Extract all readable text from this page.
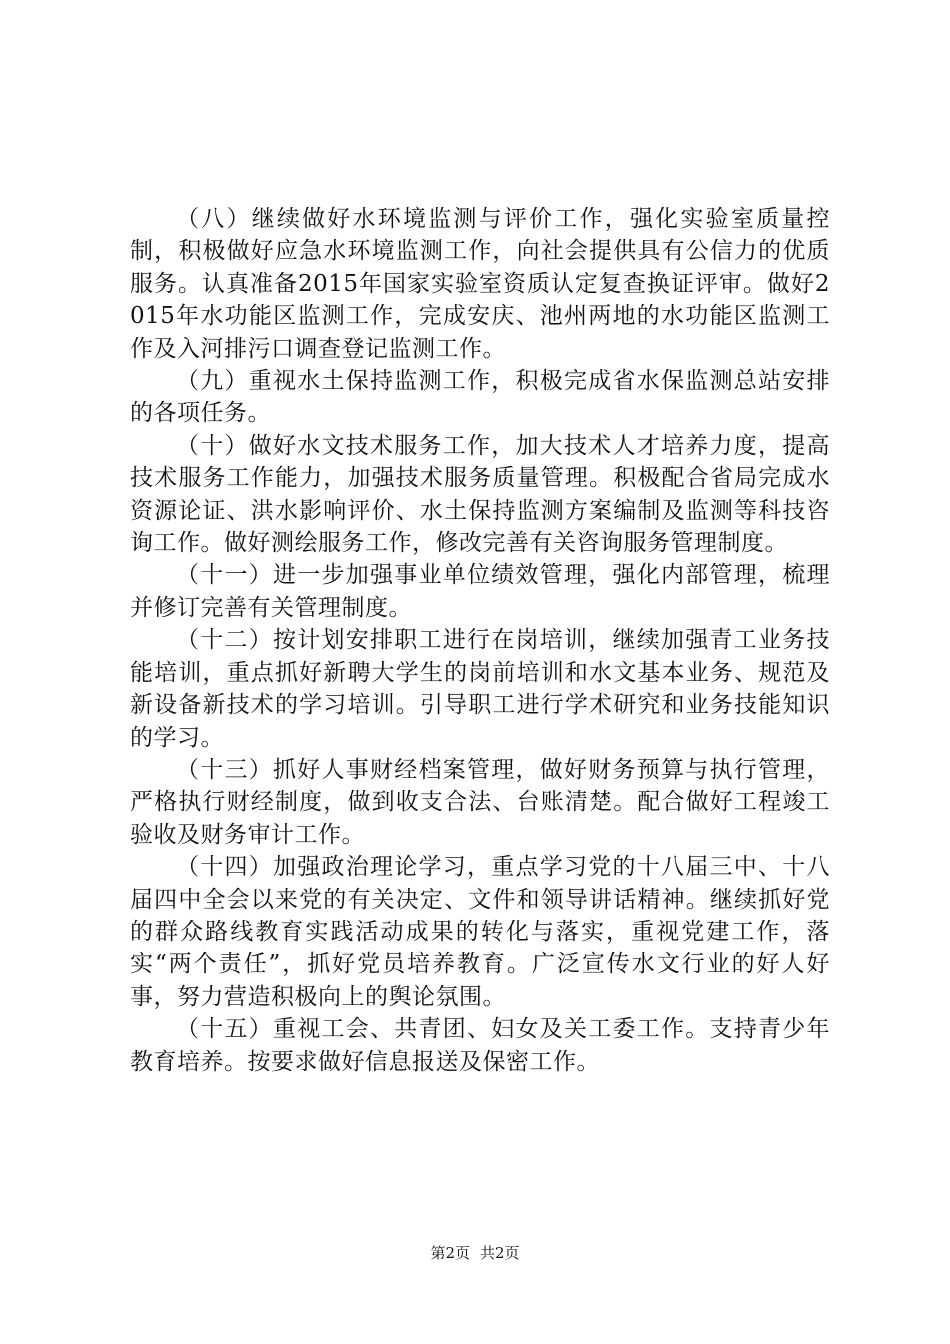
（八）继续做好水环境监测与评价工作，强化实验室质量控制，积极做好应急水环境监测工作，向社会提供具有公信力的优质服务。认真准备2015年国家实验室资质认定复查换证评审。做好2015年水功能区监测工作，完成安庆、池州两地的水功能区监测工作及入河排污口调查登记监测工作。

（九）重视水土保持监测工作，积极完成省水保监测总站安排的各项任务。

（十）做好水文技术服务工作，加大技术人才培养力度，提高技术服务工作能力，加强技术服务质量管理。积极配合省局完成水资源论证、洪水影响评价、水土保持监测方案编制及监测等科技咨询工作。做好测绘服务工作，修改完善有关咨询服务管理制度。

（十一）进一步加强事业单位绩效管理，强化内部管理，梳理并修订完善有关管理制度。

（十二）按计划安排职工进行在岗培训，继续加强青工业务技能培训，重点抓好新聘大学生的岗前培训和水文基本业务、规范及新设备新技术的学习培训。引导职工进行学术研究和业务技能知识的学习。

（十三）抓好人事财经档案管理，做好财务预算与执行管理，严格执行财经制度，做到收支合法、台账清楚。配合做好工程竣工验收及财务审计工作。

（十四）加强政治理论学习，重点学习党的十八届三中、十八届四中全会以来党的有关决定、文件和领导讲话精神。继续抓好党的群众路线教育实践活动成果的转化与落实，重视党建工作，落实“两个责任”，抓好党员培养教育。广泛宣传水文行业的好人好事，努力营造积极向上的舆论氛围。

（十五）重视工会、共青团、妇女及关工委工作。支持青少年教育培养。按要求做好信息报送及保密工作。

第2页 共2页
